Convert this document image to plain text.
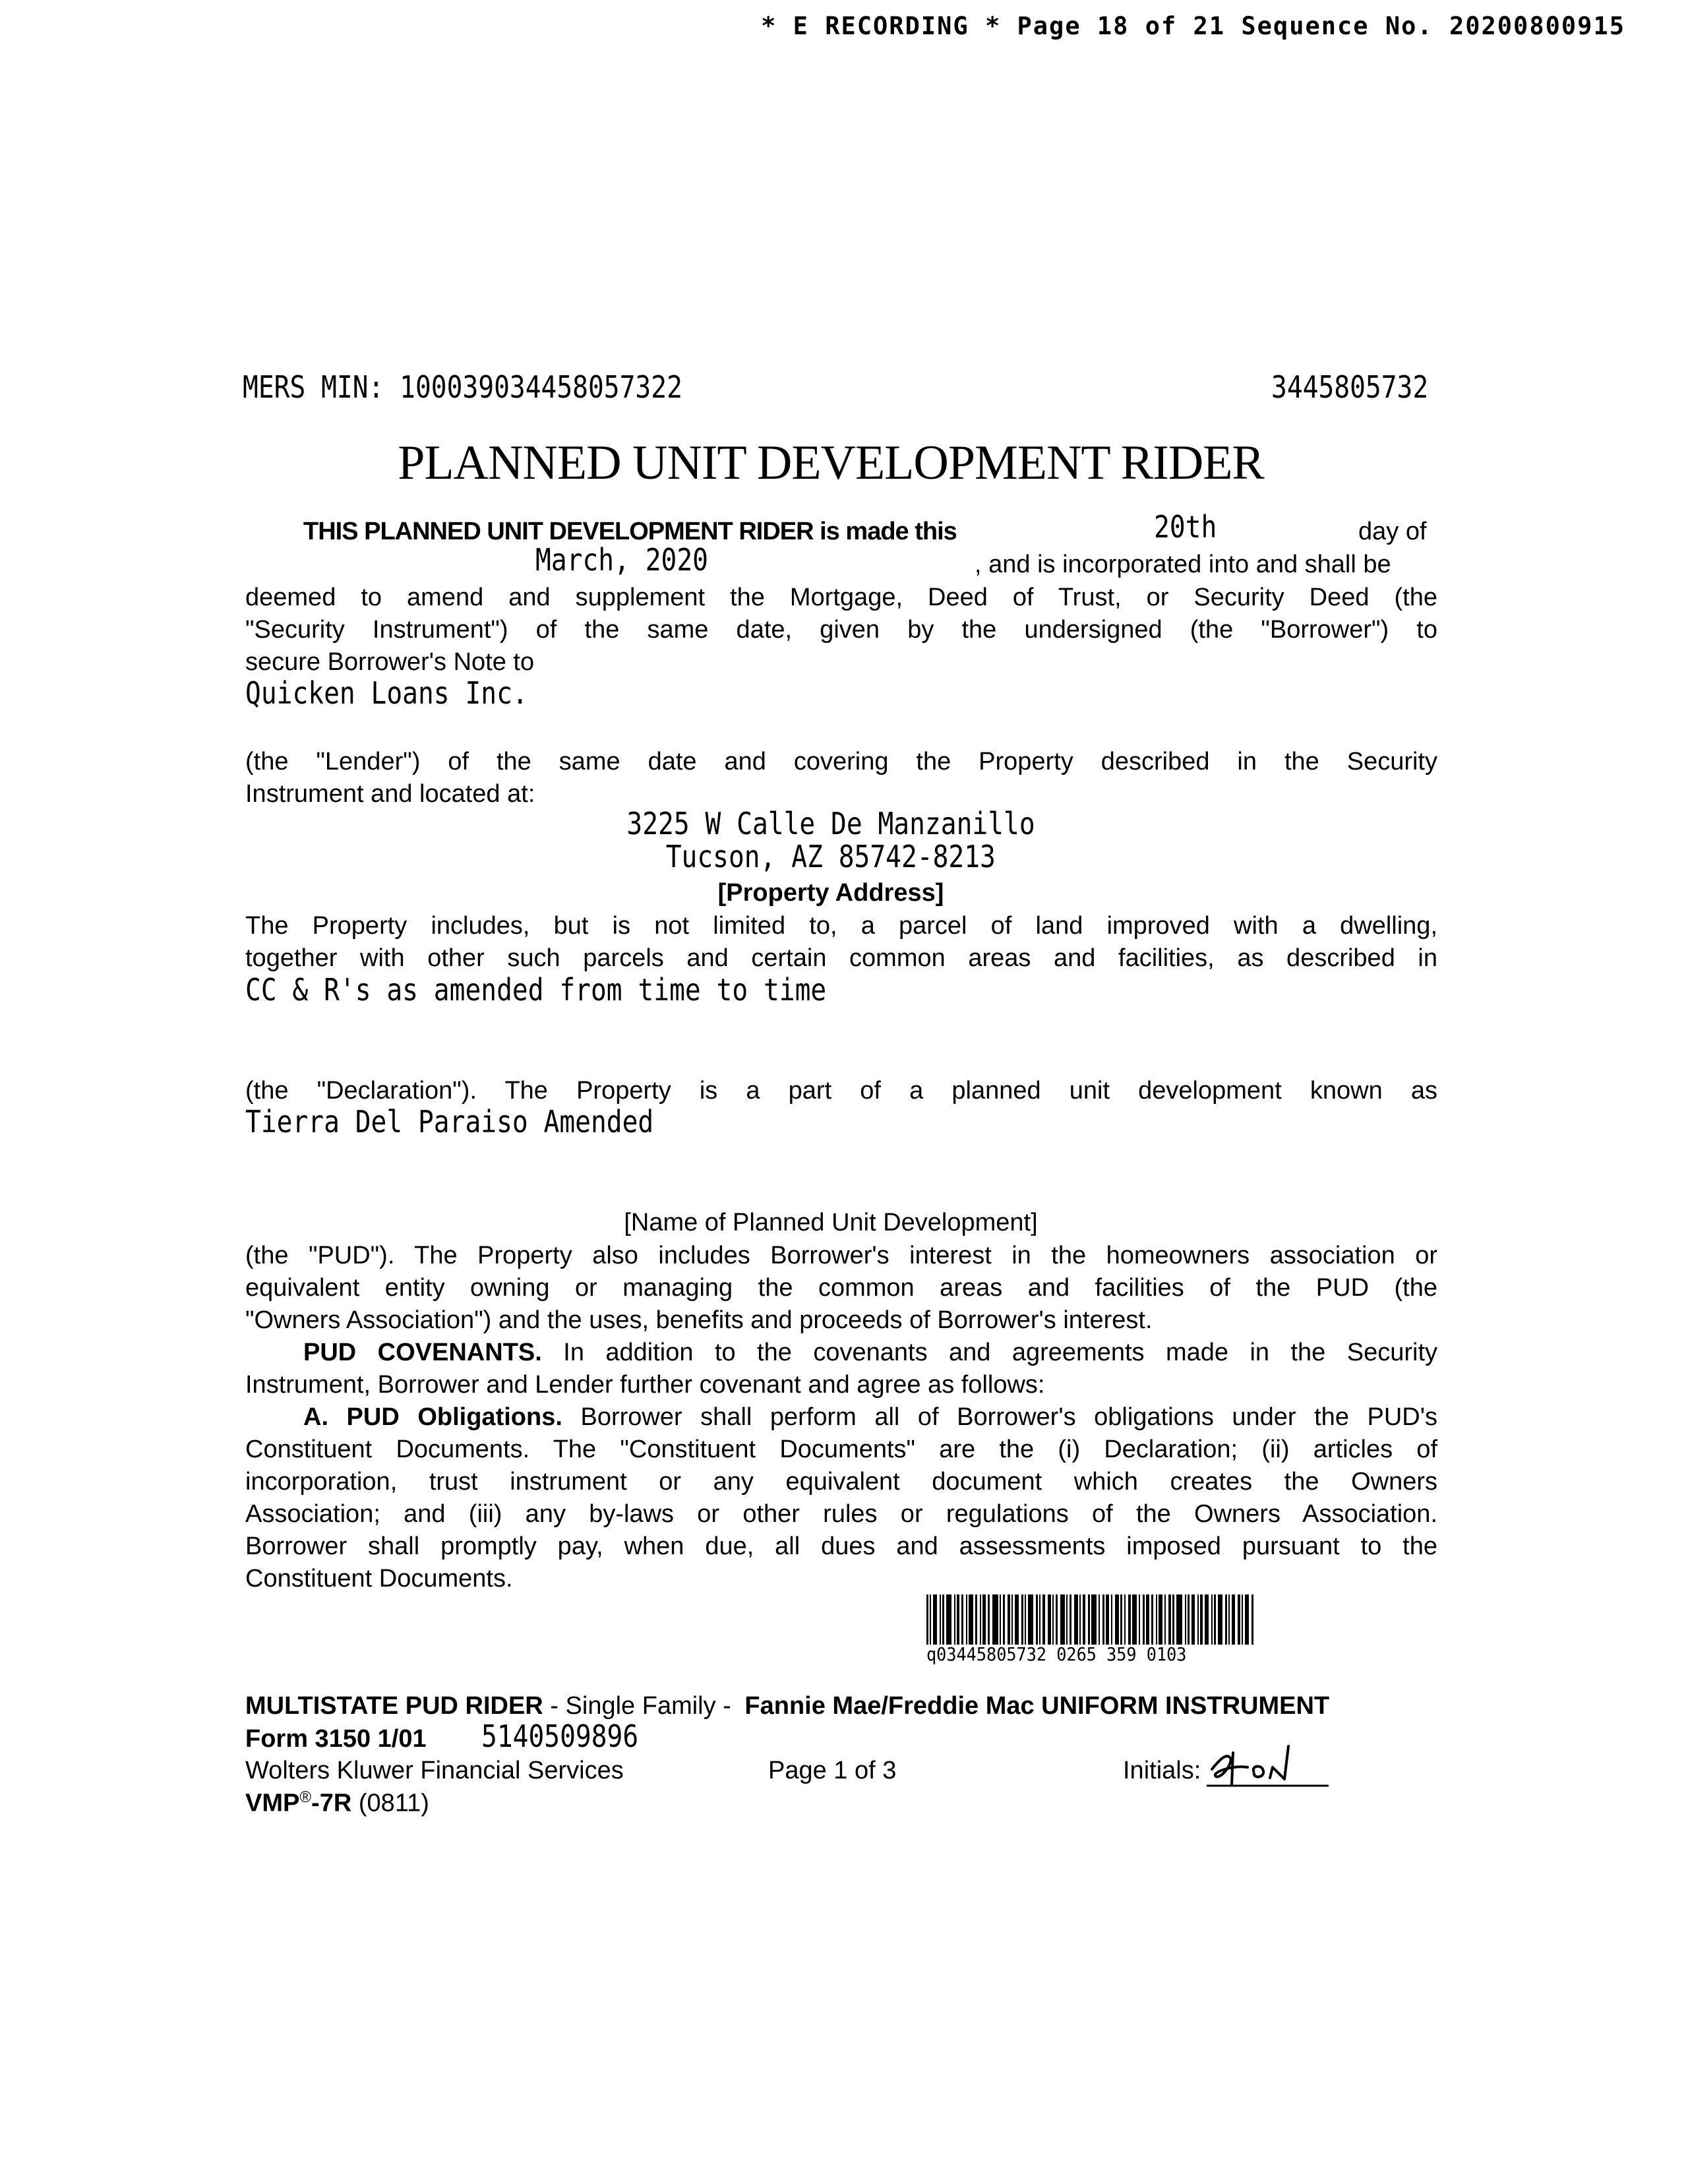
* E RECORDING * Page 18 of 21 Sequence No. 20200800915
MERS MIN: 100039034458057322	3445805732
PLANNED UNIT DEVELOPMENT RIDER
THIS PLANNED UNIT DEVELOPMENT RIDER is made this	20th	day of
March, 2020	, and is incorporated into and shall be
deemed to amend and supplement the Mortgage, Deed of Trust, or Security Deed (the
"Security Instrument") of the same date, given by the undersigned (the "Borrower") to
secure Borrower's Note to
Quicken Loans Inc.
(the "Lender") of the same date and covering the Property described in the Security
Instrument and located at:
3225 W Calle De Manzanillo
Tucson, AZ 85742-8213
[Property Address]
The Property includes, but is not limited to, a parcel of land improved with a dwelling,
together with other such parcels and certain common areas and facilities, as described in
CC & R's as amended from time to time
(the "Declaration"). The Property is a part of a planned unit development known as
Tierra Del Paraiso Amended
[Name of Planned Unit Development]
(the "PUD"). The Property also includes Borrower's interest in the homeowners association or
equivalent entity owning or managing the common areas and facilities of the PUD (the
"Owners Association") and the uses, benefits and proceeds of Borrower's interest.
PUD COVENANTS. In addition to the covenants and agreements made in the Security
Instrument, Borrower and Lender further covenant and agree as follows:
A. PUD Obligations. Borrower shall perform all of Borrower's obligations under the PUD's
Constituent Documents. The "Constituent Documents" are the (i) Declaration; (ii) articles of
incorporation, trust instrument or any equivalent document which creates the Owners
Association; and (iii) any by-laws or other rules or regulations of the Owners Association.
Borrower shall promptly pay, when due, all dues and assessments imposed pursuant to the
Constituent Documents.
q03445805732 0265 359 0103
MULTISTATE PUD RIDER - Single Family - Fannie Mae/Freddie Mac UNIFORM INSTRUMENT
Form 3150 1/01 5140509896
Wolters Kluwer Financial Services	Page 1 of 3	Initials:
VMP®-7R (0811)
